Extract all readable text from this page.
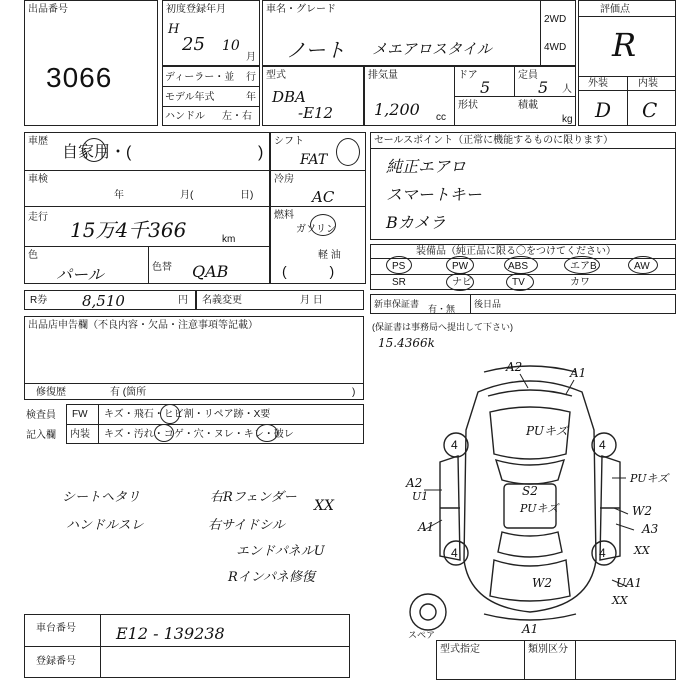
出品番号
3066
初度登録年月
H
25 10
月
車名・グレード
ノート メエアロスタイル
2WD
4WD
評価点
R
外装	内装
D C
ディーラー・並 行
モデル年式	年
ハンドル 左・右
型式
DBA
-E12
排気量
1,200 cc
ドア
5
定員
5 人
形状	積載
kg
車歴
自家用・(	)
車検
年	月(	日)
走行
15万4千366	km
色
パール	色替 QAB
シフト
FAT
冷房
AC
燃料
ガソリン
軽 油
(           )
R券 8,510	円 名義変更	月 日
セールスポイント（正常に機能するものに限ります）
純正エアロ
スマートキー
Bカメラ
装備品（純正品に限る〇をつけてください）
PS	PW	ABS	エアB	AW
SR	ナビ	TV	カワ
新車保証書 有・無 後日品
(保証書は事務局へ提出して下さい)
15.4366k
出品店申告欄（不良内容・欠品・注意事項等記載）
修復歴	有 (箇所	)
検査員
記入欄
FW キズ・飛石・ヒビ割・リペア跡・X要
内装 キズ・汚れ・コゲ・穴・ヌレ・キレ・破レ
シートヘタリ
ハンドルスレ
右Rフェンダー
右サイドシル
エンドパネルU
Rインパネ修復
XX
4	4
4	4
スペア
A2	A1
PUキズ
A2
U1	S2
PUキズ
PUキズ
W2
A3
A1
W2
XX
UA1
XX
A1
車台番号	E12 - 139238
登録番号
型式指定	類別区分
